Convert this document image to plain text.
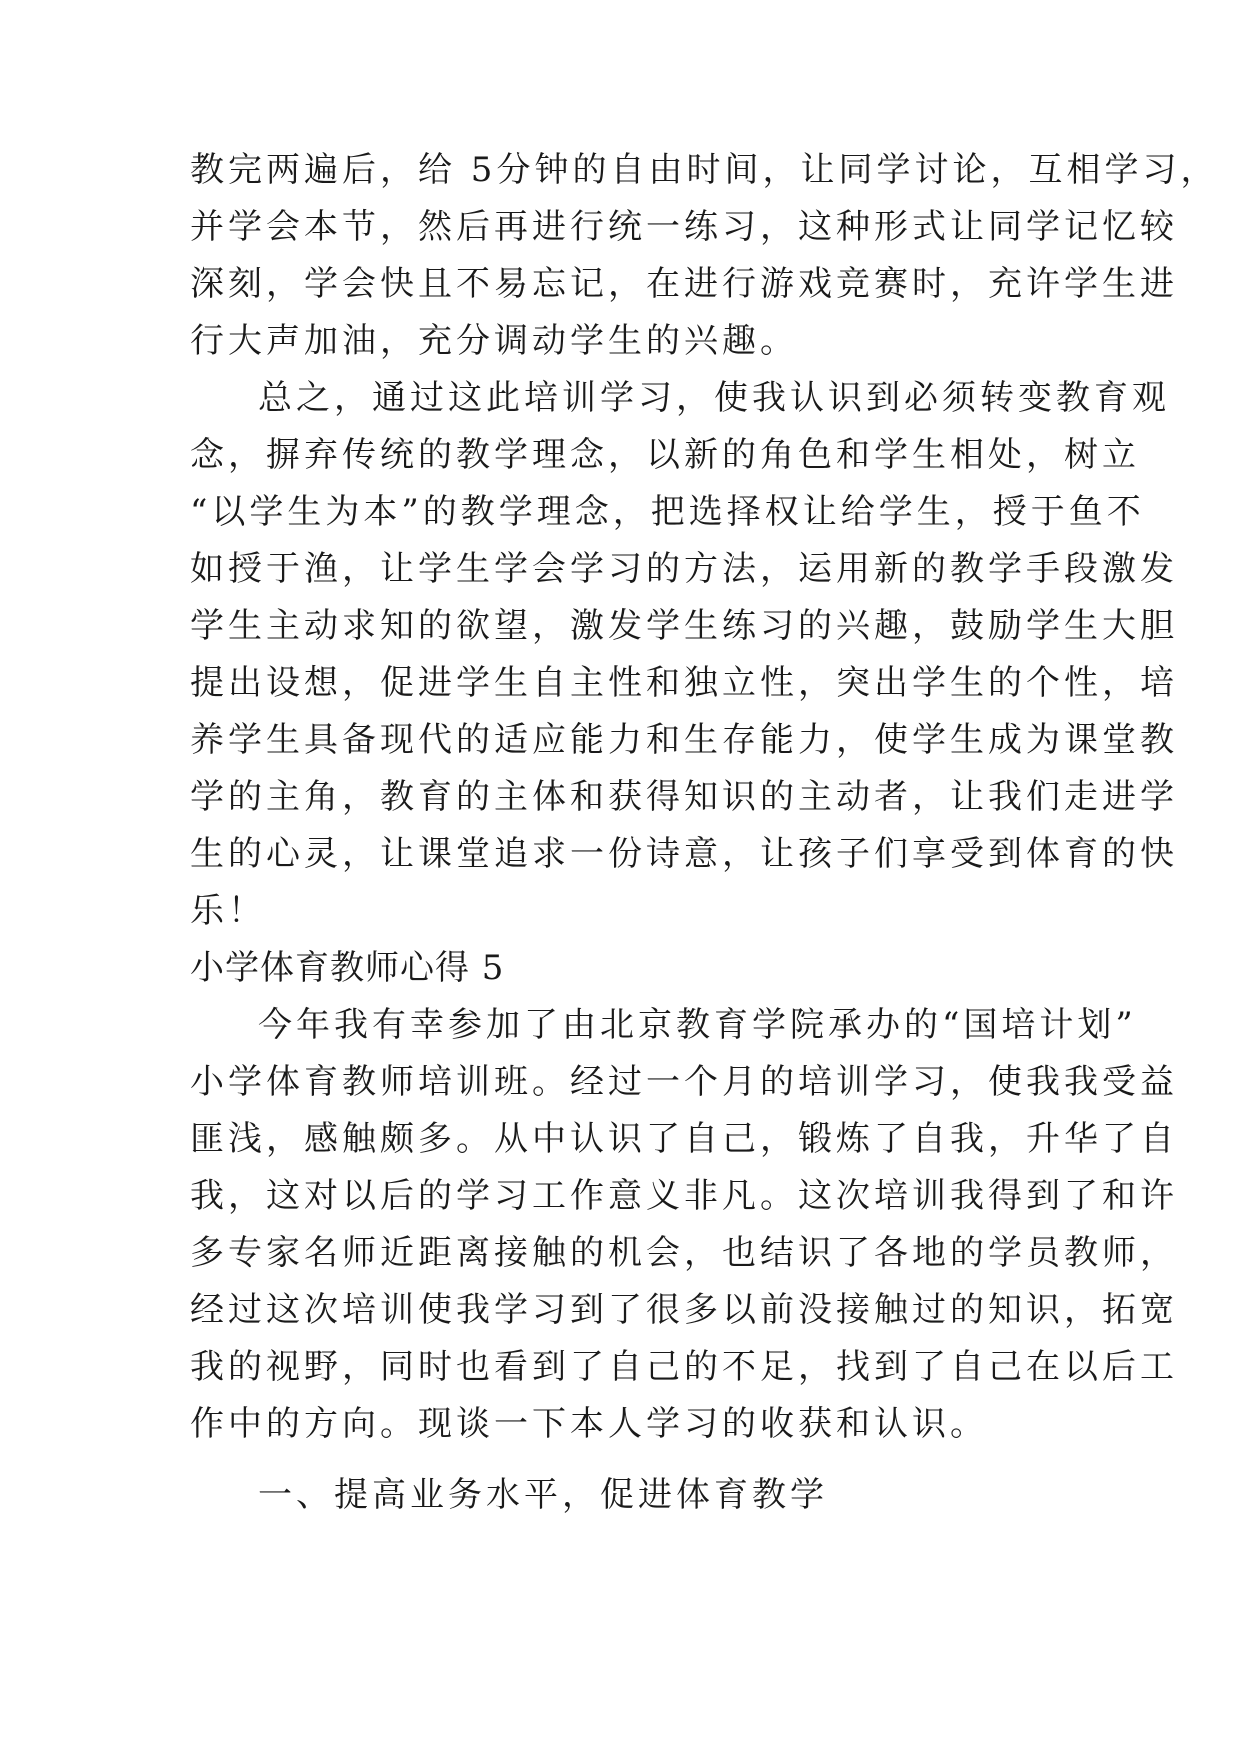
教完两遍后，给 5分钟的自由时间，让同学讨论，互相学习，

并学会本节，然后再进行统一练习，这种形式让同学记忆较

深刻，学会快且不易忘记，在进行游戏竞赛时，充许学生进

行大声加油，充分调动学生的兴趣。

总之，通过这此培训学习，使我认识到必须转变教育观

念，摒弃传统的教学理念，以新的角色和学生相处，树立

“以学生为本”的教学理念，把选择权让给学生，授于鱼不

如授于渔，让学生学会学习的方法，运用新的教学手段激发

学生主动求知的欲望，激发学生练习的兴趣，鼓励学生大胆

提出设想，促进学生自主性和独立性，突出学生的个性，培

养学生具备现代的适应能力和生存能力，使学生成为课堂教

学的主角，教育的主体和获得知识的主动者，让我们走进学

生的心灵，让课堂追求一份诗意，让孩子们享受到体育的快

乐！

小学体育教师心得 5

今年我有幸参加了由北京教育学院承办的“国培计划”

小学体育教师培训班。经过一个月的培训学习，使我我受益

匪浅，感触颇多。从中认识了自己，锻炼了自我，升华了自

我，这对以后的学习工作意义非凡。这次培训我得到了和许

多专家名师近距离接触的机会，也结识了各地的学员教师，

经过这次培训使我学习到了很多以前没接触过的知识，拓宽

我的视野，同时也看到了自己的不足，找到了自己在以后工

作中的方向。现谈一下本人学习的收获和认识。

一、提高业务水平，促进体育教学
